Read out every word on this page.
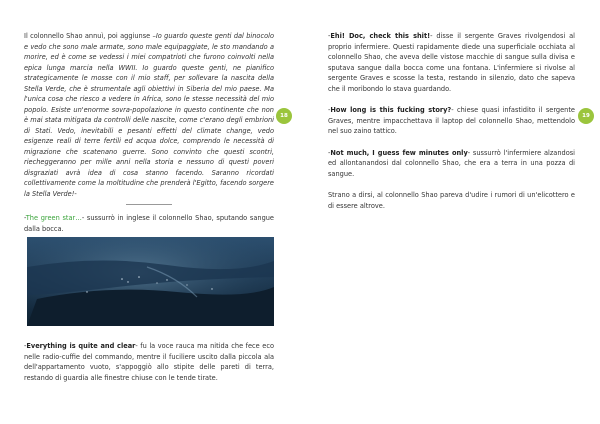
Il colonnello Shao annuì, poi aggiunse –Io guardo queste genti dal binocolo e vedo che sono male armate, sono male equipaggiate, le sto mandando a morire, ed è come se vedessi i miei compatrioti che furono coinvolti nella epica lunga marcia nella WWII. Io guardo queste genti, ne pianifico strategicamente le mosse con il mio staff, per sollevare la nascita della Stella Verde, che è strumentale agli obiettivi in Siberia del mio paese. Ma l'unica cosa che riesco a vedere in Africa, sono le stesse necessità del mio popolo. Esiste un'enorme sovra-popolazione in questo continente che non è mai stata mitigata da controlli delle nascite, come c'erano degli embrioni di Stati. Vedo, inevitabili e pesanti effetti del climate change, vedo esigenze reali di terre fertili ed acqua dolce, comprendo le necessità di migrazione che scatenano guerre. Sono convinto che questi scontri, riecheggeranno per mille anni nella storia e nessuno di questi poveri disgraziati avrà idea di cosa stanno facendo. Saranno ricordati collettivamente come la moltitudine che prenderà l'Egitto, facendo sorgere la Stella Verde!-

-The green star…- sussurrò in inglese il colonnello Shao, sputando sangue dalla bocca.

-Everything is quite and clear- fu la voce rauca ma nitida che fece eco nelle radio-cuffie del commando, mentre il fuciliere uscito dalla piccola ala dell'appartamento vuoto, s'appoggiò allo stipite delle pareti di terra, restando di guardia alle finestre chiuse con le tende tirate.

18	19

-Ehi! Doc, check this shit!- disse il sergente Graves rivolgendosi al proprio infermiere. Questi rapidamente diede una superficiale occhiata al colonnello Shao, che aveva delle vistose macchie di sangue sulla divisa e sputava sangue dalla bocca come una fontana. L'infermiere si rivolse al sergente Graves e scosse la testa, restando in silenzio, dato che sapeva che il moribondo lo stava guardando.

-How long is this fucking story?- chiese quasi infastidito il sergente Graves, mentre impacchettava il laptop del colonnello Shao, mettendolo nel suo zaino tattico.

-Not much, I guess few minutes only- sussurrò l'infermiere alzandosi ed allontanandosi dal colonnello Shao, che era a terra in una pozza di sangue.

Strano a dirsi, al colonnello Shao pareva d'udire i rumori di un'elicottero e di essere altrove.
